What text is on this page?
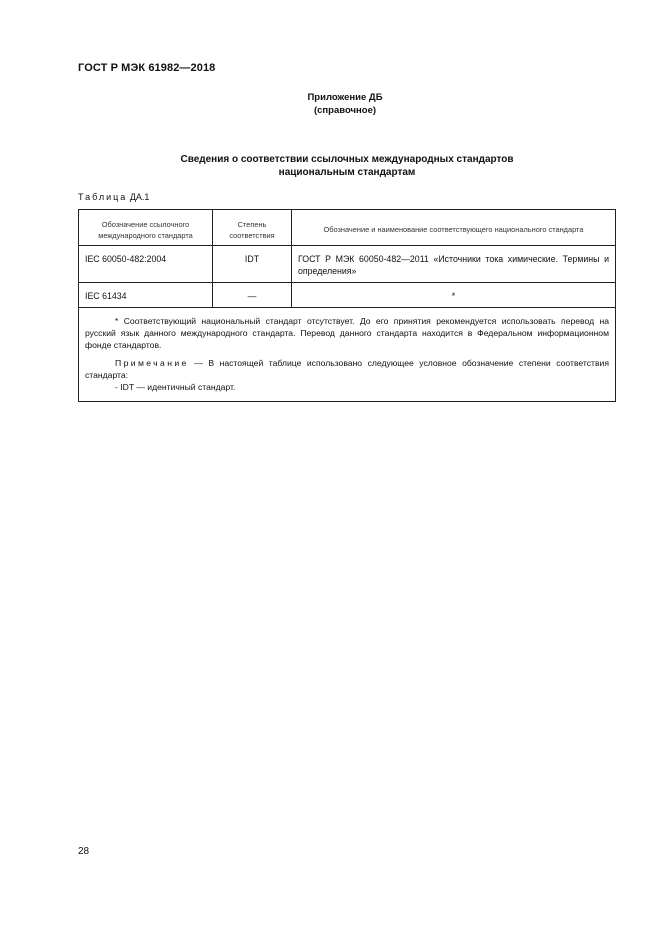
ГОСТ Р МЭК 61982—2018
Приложение ДБ
(справочное)
Сведения о соответствии ссылочных международных стандартов
национальным стандартам
Таблица ДА.1
Обозначение ссылочного международного стандарта	Степень соответствия	Обозначение и наименование соответствующего национального стандарта
IEC 60050-482:2004	IDT	ГОСТ Р МЭК 60050-482—2011 «Источники тока химические. Термины и определения»
IEC 61434	—	*

* Соответствующий национальный стандарт отсутствует. До его принятия рекомендуется использовать перевод на русский язык данного международного стандарта. Перевод данного стандарта находится в Федеральном информационном фонде стандартов.

Примечание — В настоящей таблице использовано следующее условное обозначение степени соответствия стандарта:

- IDT — идентичный стандарт.		

28
